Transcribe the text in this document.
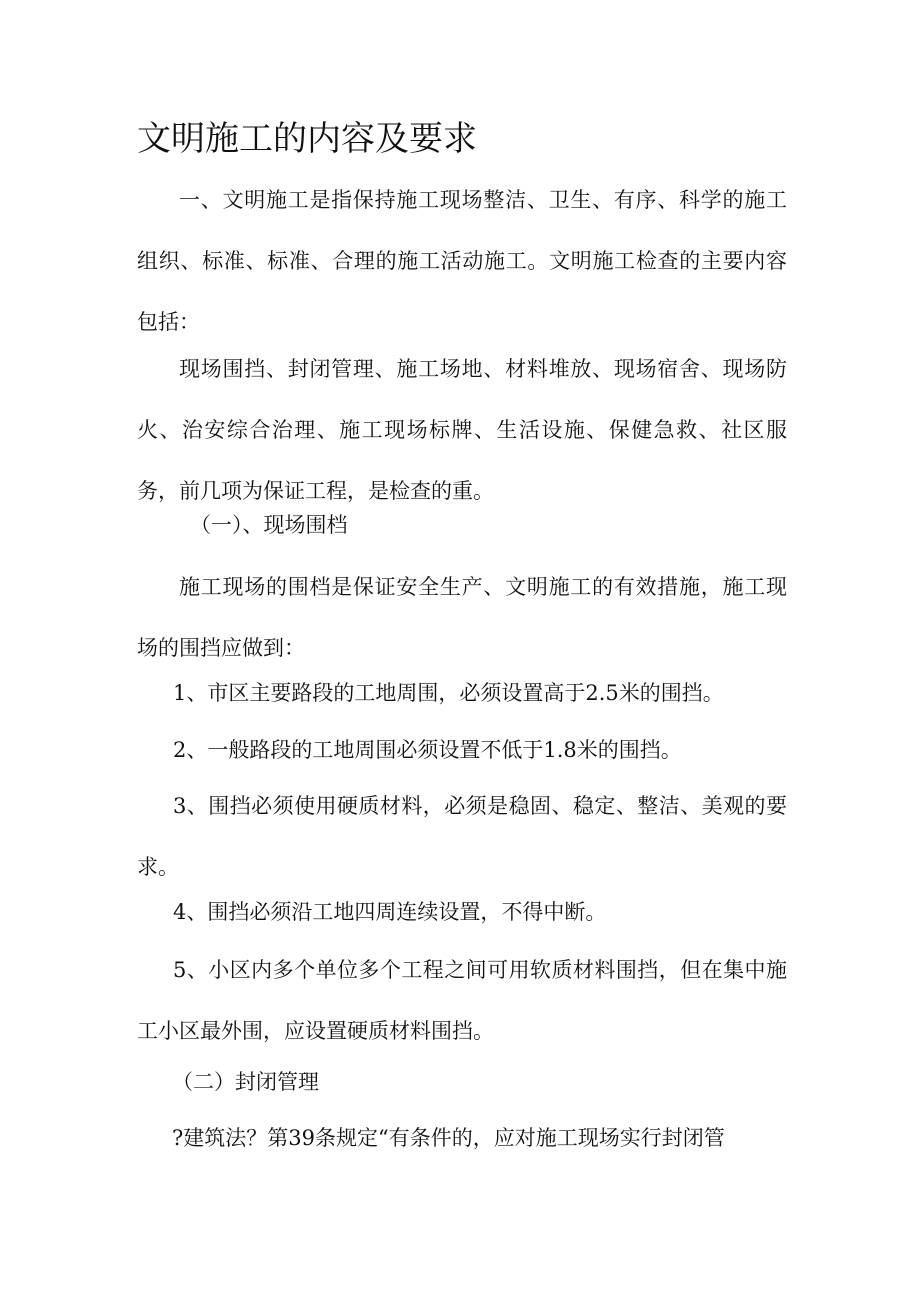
文明施工的内容及要求

一、文明施工是指保持施工现场整洁、卫生、有序、科学的施工组织、标准、标准、合理的施工活动施工。文明施工检查的主要内容包括：

现场围挡、封闭管理、施工场地、材料堆放、现场宿舍、现场防火、治安综合治理、施工现场标牌、生活设施、保健急救、社区服务，前几项为保证工程，是检查的重。

（一）、现场围档

施工现场的围档是保证安全生产、文明施工的有效措施，施工现场的围挡应做到：

1、市区主要路段的工地周围，必须设置高于2.5米的围挡。

2、一般路段的工地周围必须设置不低于1.8米的围挡。

3、围挡必须使用硬质材料，必须是稳固、稳定、整洁、美观的要求。

4、围挡必须沿工地四周连续设置，不得中断。

5、小区内多个单位多个工程之间可用软质材料围挡，但在集中施工小区最外围，应设置硬质材料围挡。

（二）封闭管理

?建筑法？第39条规定“有条件的，应对施工现场实行封闭管
